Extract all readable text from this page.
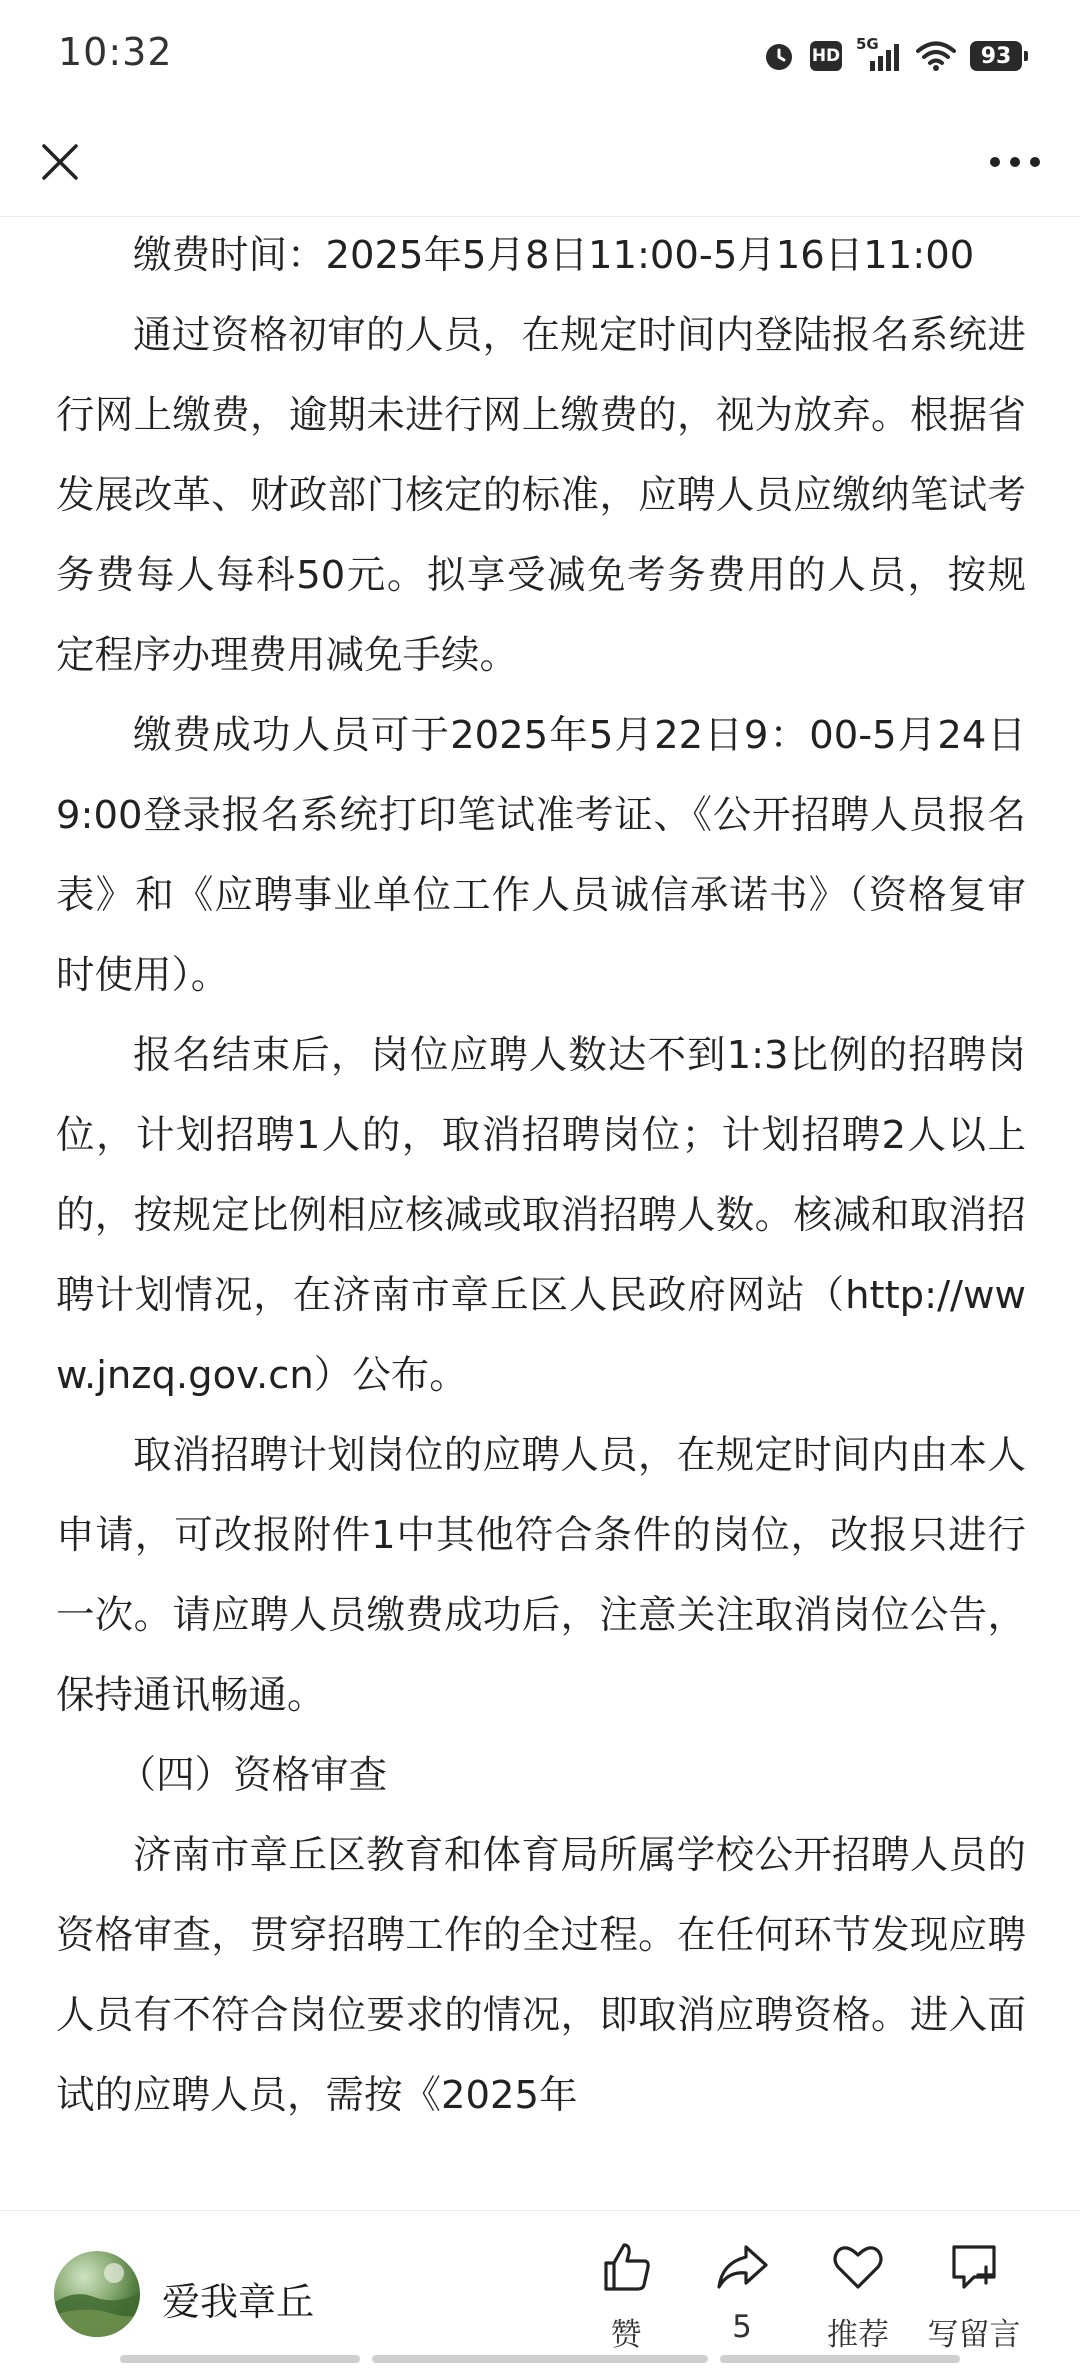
10:32	HD
5G	93

缴费时间：2025年5月8日11:00-5月16日11:00

通过资格初审的人员，在规定时间内登陆报名系统进行网上缴费，逾期未进行网上缴费的，视为放弃。根据省发展改革、财政部门核定的标准，应聘人员应缴纳笔试考务费每人每科50元。拟享受减免考务费用的人员，按规定程序办理费用减免手续。

缴费成功人员可于2025年5月22日9：00-5月24日9:00登录报名系统打印笔试准考证、《公开招聘人员报名表》和《应聘事业单位工作人员诚信承诺书》（资格复审时使用）。

报名结束后，岗位应聘人数达不到1:3比例的招聘岗位，计划招聘1人的，取消招聘岗位；计划招聘2人以上的，按规定比例相应核减或取消招聘人数。核减和取消招聘计划情况，在济南市章丘区人民政府网站（http://www.jnzq.gov.cn）公布。

取消招聘计划岗位的应聘人员，在规定时间内由本人申请，可改报附件1中其他符合条件的岗位，改报只进行一次。请应聘人员缴费成功后，注意关注取消岗位公告，保持通讯畅通。

（四）资格审查

济南市章丘区教育和体育局所属学校公开招聘人员的资格审查，贯穿招聘工作的全过程。在任何环节发现应聘人员有不符合岗位要求的情况，即取消应聘资格。进入面试的应聘人员，需按《2025年

爱我章丘
赞	5 推荐 写留言
